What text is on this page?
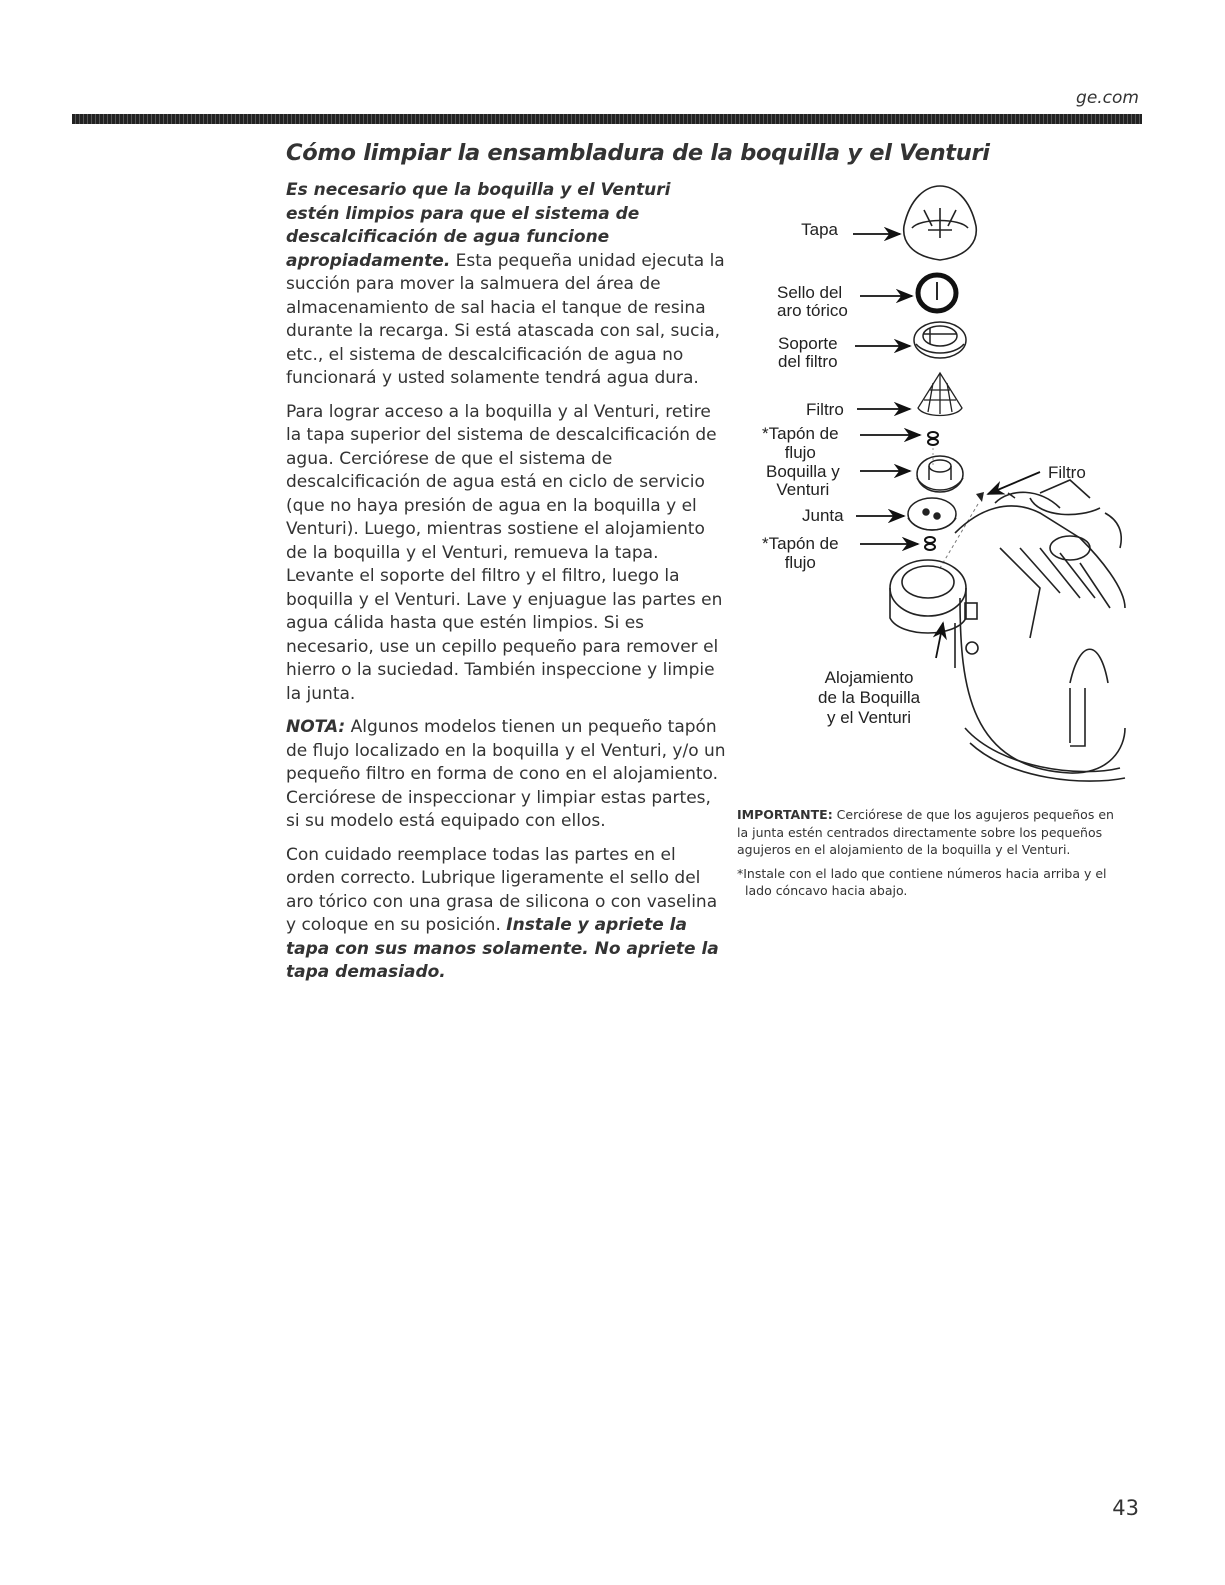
ge.com
Cómo limpiar la ensambladura de la boquilla y el Venturi

Es necesario que la boquilla y el Venturi estén limpios para que el sistema de descalcificación de agua funcione apropiadamente. Esta pequeña unidad ejecuta la succión para mover la salmuera del área de almacenamiento de sal hacia el tanque de resina durante la recarga. Si está atascada con sal, sucia, etc., el sistema de descalcificación de agua no funcionará y usted solamente tendrá agua dura.

Para lograr acceso a la boquilla y al Venturi, retire la tapa superior del sistema de descalcificación de agua. Cerciórese de que el sistema de descalcificación de agua está en ciclo de servicio (que no haya presión de agua en la boquilla y el Venturi). Luego, mientras sostiene el alojamiento de la boquilla y el Venturi, remueva la tapa. Levante el soporte del filtro y el filtro, luego la boquilla y el Venturi. Lave y enjuague las partes en agua cálida hasta que estén limpios. Si es necesario, use un cepillo pequeño para remover el hierro o la suciedad. También inspeccione y limpie la junta.

NOTA: Algunos modelos tienen un pequeño tapón de flujo localizado en la boquilla y el Venturi, y/o un pequeño filtro en forma de cono en el alojamiento. Cerciórese de inspeccionar y limpiar estas partes, si su modelo está equipado con ellos.

Con cuidado reemplace todas las partes en el orden correcto. Lubrique ligeramente el sello del aro tórico con una grasa de silicona o con vaselina y coloque en su posición. Instale y apriete la tapa con sus manos solamente. No apriete la tapa demasiado.

Tapa
Sello del
aro tórico
Soporte
del filtro
Filtro
*Tapón de
flujo
Boquilla y
Venturi
Junta
*Tapón de
flujo
Filtro
Alojamiento
de la Boquilla
y el Venturi

IMPORTANTE: Cerciórese de que los agujeros pequeños en la junta estén centrados directamente sobre los pequeños agujeros en el alojamiento de la boquilla y el Venturi.

*Instale con el lado que contiene números hacia arriba y el lado cóncavo hacia abajo.

43
